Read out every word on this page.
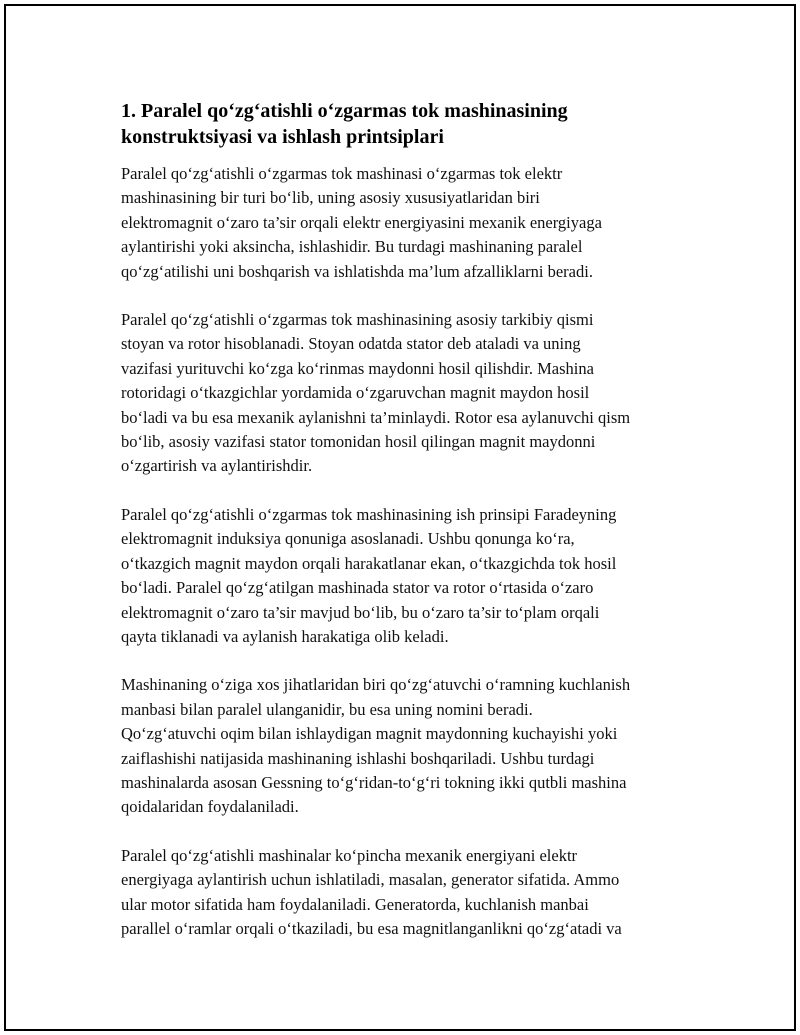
1. Paralel qo‘zg‘atishli o‘zgarmas tok mashinasining
konstruktsiyasi va ishlash printsiplari

Paralel qo‘zg‘atishli o‘zgarmas tok mashinasi o‘zgarmas tok elektr
mashinasining bir turi bo‘lib, uning asosiy xususiyatlaridan biri
elektromagnit o‘zaro ta’sir orqali elektr energiyasini mexanik energiyaga
aylantirishi yoki aksincha, ishlashidir. Bu turdagi mashinaning paralel
qo‘zg‘atilishi uni boshqarish va ishlatishda ma’lum afzalliklarni beradi.

Paralel qo‘zg‘atishli o‘zgarmas tok mashinasining asosiy tarkibiy qismi
stoyan va rotor hisoblanadi. Stoyan odatda stator deb ataladi va uning
vazifasi yurituvchi ko‘zga ko‘rinmas maydonni hosil qilishdir. Mashina
rotoridagi o‘tkazgichlar yordamida o‘zgaruvchan magnit maydon hosil
bo‘ladi va bu esa mexanik aylanishni ta’minlaydi. Rotor esa aylanuvchi qism
bo‘lib, asosiy vazifasi stator tomonidan hosil qilingan magnit maydonni
o‘zgartirish va aylantirishdir.

Paralel qo‘zg‘atishli o‘zgarmas tok mashinasining ish prinsipi Faradeyning
elektromagnit induksiya qonuniga asoslanadi. Ushbu qonunga ko‘ra,
o‘tkazgich magnit maydon orqali harakatlanar ekan, o‘tkazgichda tok hosil
bo‘ladi. Paralel qo‘zg‘atilgan mashinada stator va rotor o‘rtasida o‘zaro
elektromagnit o‘zaro ta’sir mavjud bo‘lib, bu o‘zaro ta’sir to‘plam orqali
qayta tiklanadi va aylanish harakatiga olib keladi.

Mashinaning o‘ziga xos jihatlaridan biri qo‘zg‘atuvchi o‘ramning kuchlanish
manbasi bilan paralel ulanganidir, bu esa uning nomini beradi.
Qo‘zg‘atuvchi oqim bilan ishlaydigan magnit maydonning kuchayishi yoki
zaiflashishi natijasida mashinaning ishlashi boshqariladi. Ushbu turdagi
mashinalarda asosan Gessning to‘g‘ridan-to‘g‘ri tokning ikki qutbli mashina
qoidalaridan foydalaniladi.

Paralel qo‘zg‘atishli mashinalar ko‘pincha mexanik energiyani elektr
energiyaga aylantirish uchun ishlatiladi, masalan, generator sifatida. Ammo
ular motor sifatida ham foydalaniladi. Generatorda, kuchlanish manbai
parallel o‘ramlar orqali o‘tkaziladi, bu esa magnitlanganlikni qo‘zg‘atadi va
